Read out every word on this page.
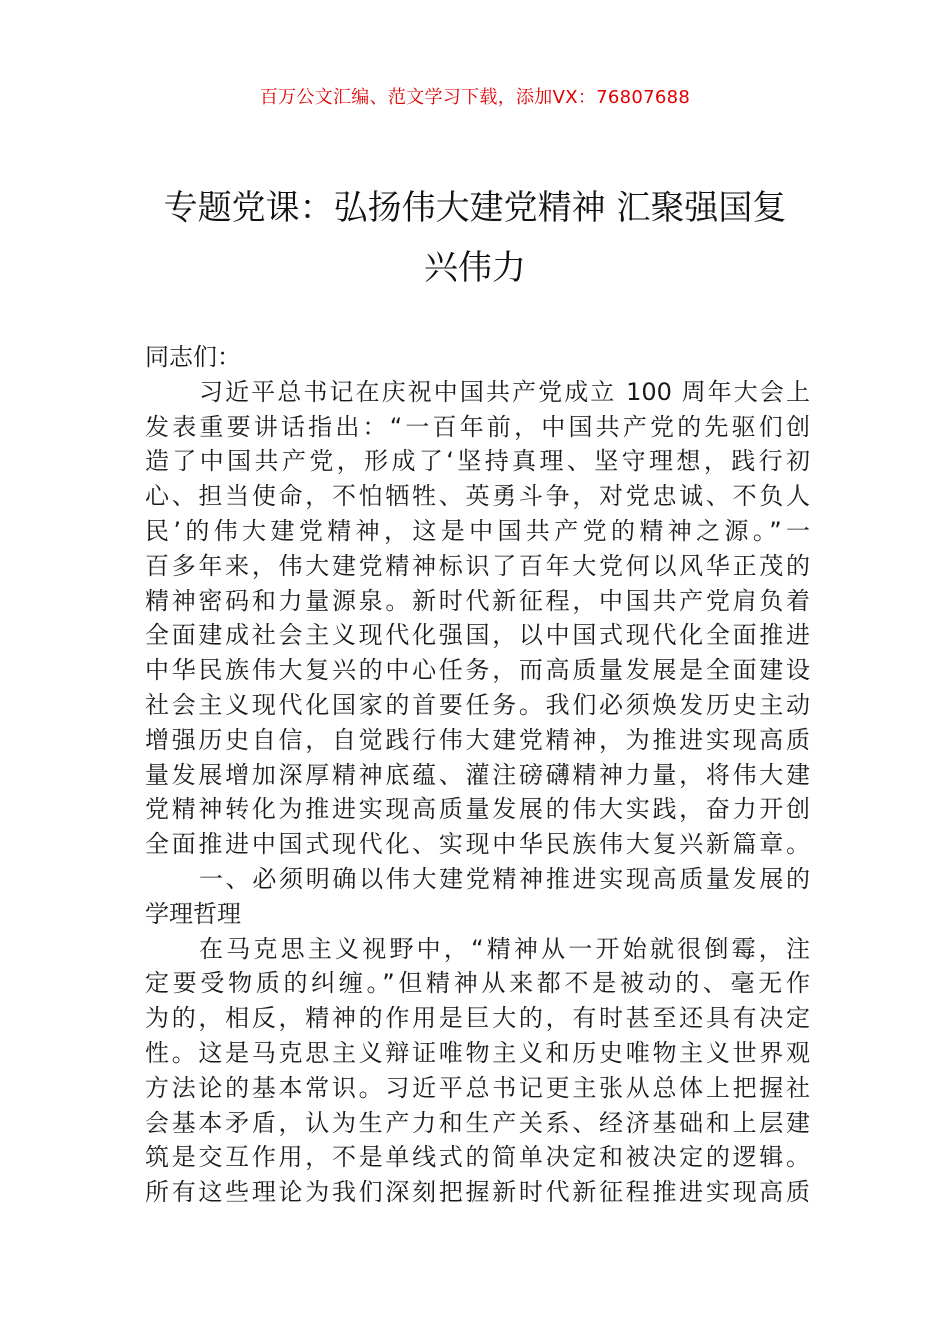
百万公文汇编、范文学习下载，添加VX：76807688
专题党课：弘扬伟大建党精神 汇聚强国复
兴伟力
同志们：
习近平总书记在庆祝中国共产党成立 100 周年大会上
发表重要讲话指出：“一百年前，中国共产党的先驱们创
造了中国共产党，形成了‘坚持真理、坚守理想，践行初
心、担当使命，不怕牺牲、英勇斗争，对党忠诚、不负人
民’的伟大建党精神，这是中国共产党的精神之源。”一
百多年来，伟大建党精神标识了百年大党何以风华正茂的
精神密码和力量源泉。新时代新征程，中国共产党肩负着
全面建成社会主义现代化强国，以中国式现代化全面推进
中华民族伟大复兴的中心任务，而高质量发展是全面建设
社会主义现代化国家的首要任务。我们必须焕发历史主动
增强历史自信，自觉践行伟大建党精神，为推进实现高质
量发展增加深厚精神底蕴、灌注磅礴精神力量，将伟大建
党精神转化为推进实现高质量发展的伟大实践，奋力开创
全面推进中国式现代化、实现中华民族伟大复兴新篇章。
一、必须明确以伟大建党精神推进实现高质量发展的
学理哲理
在马克思主义视野中，“精神从一开始就很倒霉，注
定要受物质的纠缠。”但精神从来都不是被动的、毫无作
为的，相反，精神的作用是巨大的，有时甚至还具有决定
性。这是马克思主义辩证唯物主义和历史唯物主义世界观
方法论的基本常识。习近平总书记更主张从总体上把握社
会基本矛盾，认为生产力和生产关系、经济基础和上层建
筑是交互作用，不是单线式的简单决定和被决定的逻辑。
所有这些理论为我们深刻把握新时代新征程推进实现高质
